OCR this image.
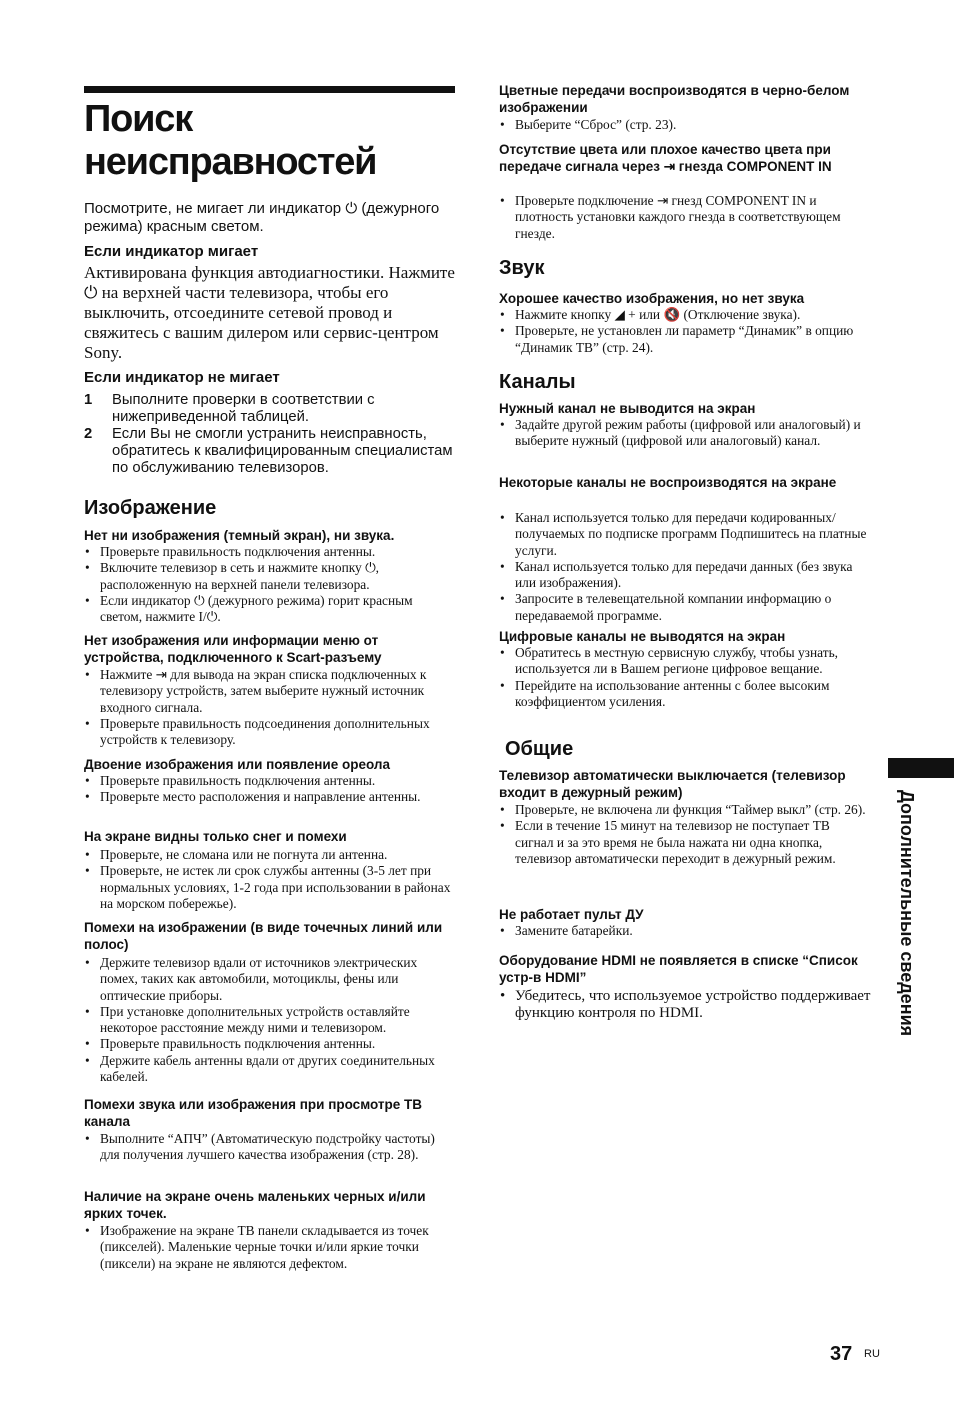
Поиск неисправностей
Посмотрите, не мигает ли индикатор ⏻ (дежурного режима) красным светом.
Если индикатор мигает
Активирована функция автодиагностики. Нажмите ⏻ на верхней части телевизора, чтобы его выключить, отсоедините сетевой провод и свяжитесь с вашим дилером или сервис-центром Sony.
Если индикатор не мигает
1 Выполните проверки в соответствии с нижеприведенной таблицей.
2 Если Вы не смогли устранить неисправность, обратитесь к квалифицированным специалистам по обслуживанию телевизоров.
Изображение
Нет ни изображения (темный экран), ни звука.
• Проверьте правильность подключения антенны.
• Включите телевизор в сеть и нажмите кнопку ⏻, расположенную на верхней панели телевизора.
• Если индикатор ⏻ (дежурного режима) горит красным светом, нажмите I/⏻.
Нет изображения или информации меню от устройства, подключенного к Scart-разъему
• Нажмите ⇥ для вывода на экран списка подключенных к телевизору устройств, затем выберите нужный источник входного сигнала.
• Проверьте правильность подсоединения дополнительных устройств к телевизору.
Двоение изображения или появление ореола
• Проверьте правильность подключения антенны.
• Проверьте место расположения и направление антенны.
На экране видны только снег и помехи
• Проверьте, не сломана или не погнута ли антенна.
• Проверьте, не истек ли срок службы антенны (3-5 лет при нормальных условиях, 1-2 года при использовании в районах на морском побережье).
Помехи на изображении (в виде точечных линий или полос)
• Держите телевизор вдали от источников электрических помех, таких как автомобили, мотоциклы, фены или оптические приборы.
• При установке дополнительных устройств оставляйте некоторое расстояние между ними и телевизором.
• Проверьте правильность подключения антенны.
• Держите кабель антенны вдали от других соединительных кабелей.
Помехи звука или изображения при просмотре ТВ канала
• Выполните “АПЧ” (Автоматическую подстройку частоты) для получения лучшего качества изображения (стр. 28).
Наличие на экране очень маленьких черных и/или ярких точек.
• Изображение на экране ТВ панели складывается из точек (пикселей). Маленькие черные точки и/или яркие точки (пиксели) на экране не являются дефектом.
Цветные передачи воспроизводятся в черно-белом изображении
• Выберите “Сброс” (стр. 23).
Отсутствие цвета или плохое качество цвета при передаче сигнала через ⇥ гнезда COMPONENT IN
• Проверьте подключение ⇥ гнезд COMPONENT IN и плотность установки каждого гнезда в соответствующем гнезде.
Звук
Хорошее качество изображения, но нет звука
• Нажмите кнопку ◢ + или 🔇 (Отключение звука).
• Проверьте, не установлен ли параметр “Динамик” в опцию “Динамик ТВ” (стр. 24).
Каналы
Нужный канал не выводится на экран
• Задайте другой режим работы (цифровой или аналоговый) и выберите нужный (цифровой или аналоговый) канал.
Некоторые каналы не воспроизводятся на экране
• Канал используется только для передачи кодированных/получаемых по подписке программ Подпишитесь на платные услуги.
• Канал используется только для передачи данных (без звука или изображения).
• Запросите в телевещательной компании информацию о передаваемой программе.
Цифровые каналы не выводятся на экран
• Обратитесь в местную сервисную службу, чтобы узнать, используется ли в Вашем регионе цифровое вещание.
• Перейдите на использование антенны с более высоким коэффициентом усиления.
Общие
Телевизор автоматически выключается (телевизор входит в дежурный режим)
• Проверьте, не включена ли функция “Таймер выкл” (стр. 26).
• Если в течение 15 минут на телевизор не поступает ТВ сигнал и за это время не была нажата ни одна кнопка, телевизор автоматически переходит в дежурный режим.
Не работает пульт ДУ
• Замените батарейки.
Оборудование HDMI не появляется в списке “Список устр-в HDMI”
• Убедитесь, что используемое устройство поддерживает функцию контроля по HDMI.	Дополнительные сведения
37 RU
